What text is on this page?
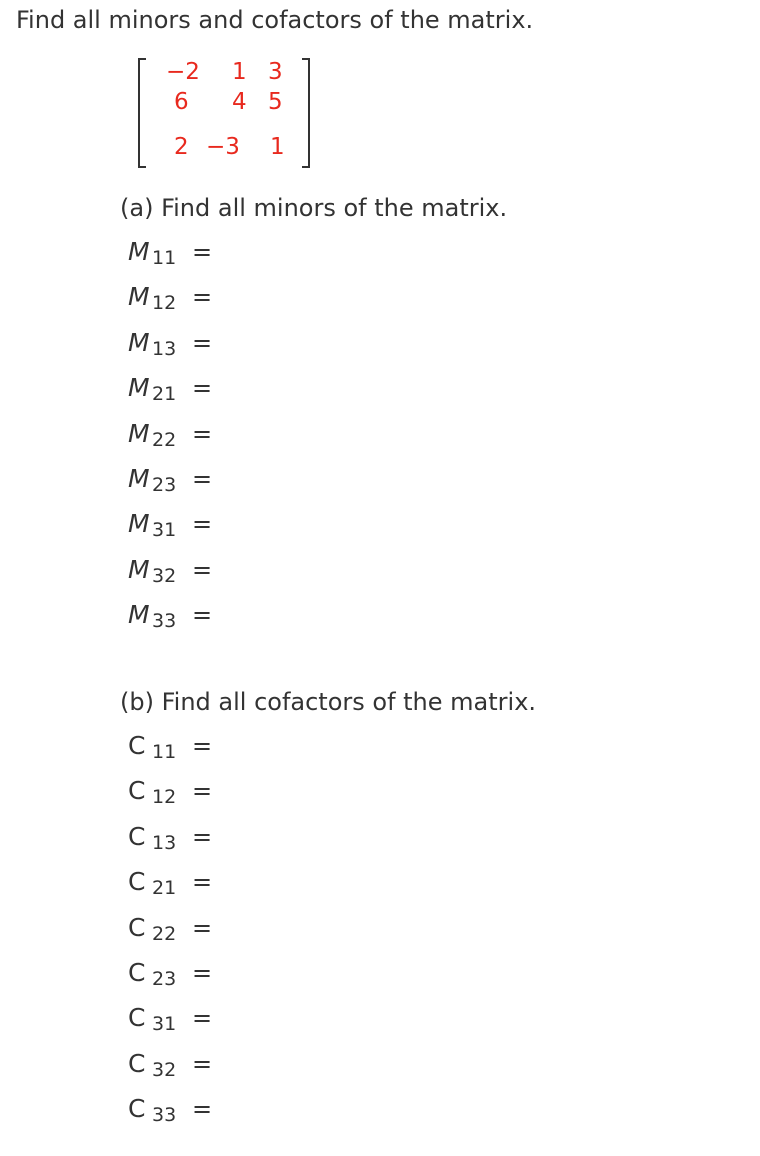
Find all minors and cofactors of the matrix.
−2 1 3
6 4 5
2 −3 1
(a) Find all minors of the matrix.
M 11 =
M 12 =
M 13 =
M 21 =
M 22 =
M 23 =
M 31 =
M 32 =
M 33 =
(b) Find all cofactors of the matrix.
C 11 =
C 12 =
C 13 =
C 21 =
C 22 =
C 23 =
C 31 =
C 32 =
C 33 =
